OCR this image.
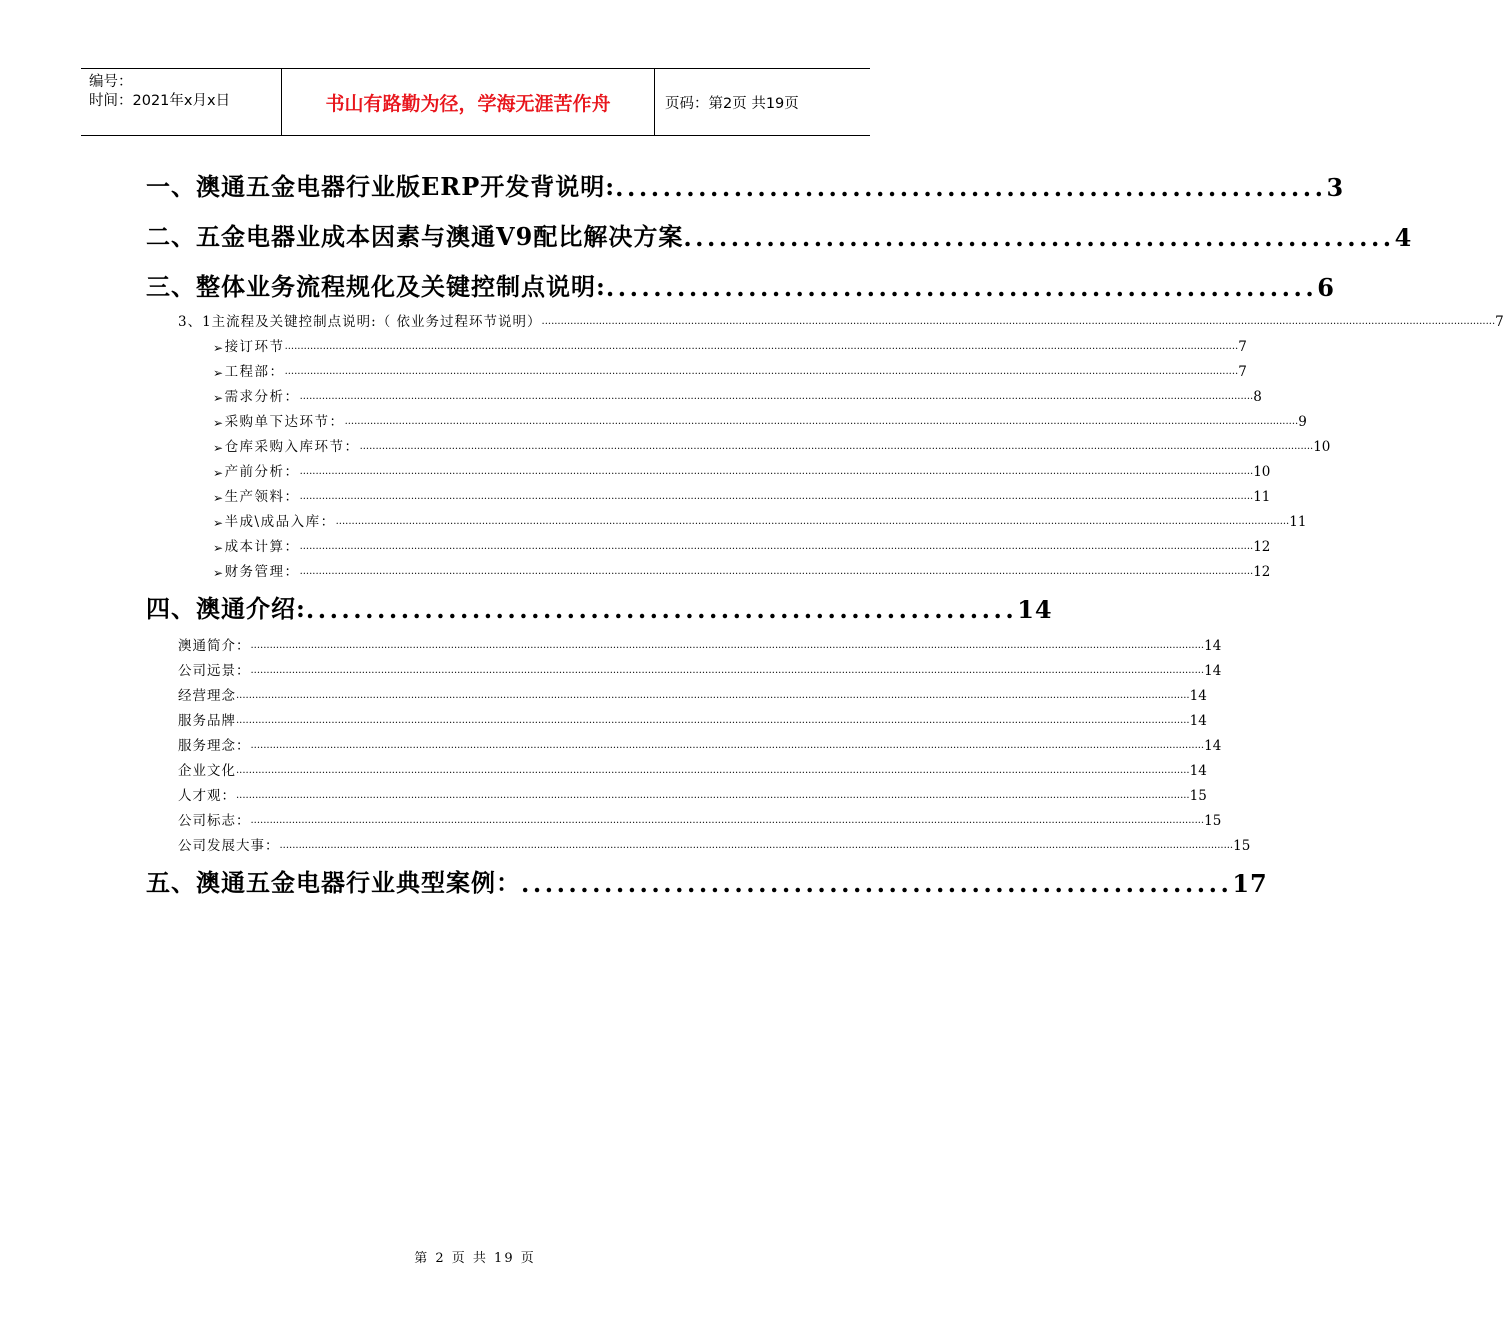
编号：
时间：2021年x月x日	书山有路勤为径，学海无涯苦作舟	页码：第2页 共19页
一、澳通五金电器行业版ERP开发背说明: ............................................................ 3
二、五金电器业成本因素与澳通V9配比解决方案 ............................................................ 4
三、整体业务流程规化及关键控制点说明: ............................................................ 6
3、1主流程及关键控制点说明:（ 依业务过程环节说明） ............................................................................................................................................................................................................................................................................................................ 7
➢ 接订环节 ............................................................................................................................................................................................................................................................................................................ 7
➢ 工程部： ............................................................................................................................................................................................................................................................................................................ 7
➢ 需求分析： ............................................................................................................................................................................................................................................................................................................ 8
➢ 采购单下达环节： ............................................................................................................................................................................................................................................................................................................ 9
➢ 仓库采购入库环节： ............................................................................................................................................................................................................................................................................................................ 10
➢ 产前分析： ............................................................................................................................................................................................................................................................................................................ 10
➢ 生产领料： ............................................................................................................................................................................................................................................................................................................ 11
➢ 半成\成品入库： ............................................................................................................................................................................................................................................................................................................ 11
➢ 成本计算： ............................................................................................................................................................................................................................................................................................................ 12
➢ 财务管理： ............................................................................................................................................................................................................................................................................................................ 12
四、澳通介绍: ............................................................ 14
澳通简介： ............................................................................................................................................................................................................................................................................................................ 14
公司远景： ............................................................................................................................................................................................................................................................................................................ 14
经营理念 ............................................................................................................................................................................................................................................................................................................ 14
服务品牌 ............................................................................................................................................................................................................................................................................................................ 14
服务理念： ............................................................................................................................................................................................................................................................................................................ 14
企业文化 ............................................................................................................................................................................................................................................................................................................ 14
人才观： ............................................................................................................................................................................................................................................................................................................ 15
公司标志： ............................................................................................................................................................................................................................................................................................................ 15
公司发展大事： ............................................................................................................................................................................................................................................................................................................ 15
五、澳通五金电器行业典型案例： ............................................................ 17
第 2 页 共 19 页
